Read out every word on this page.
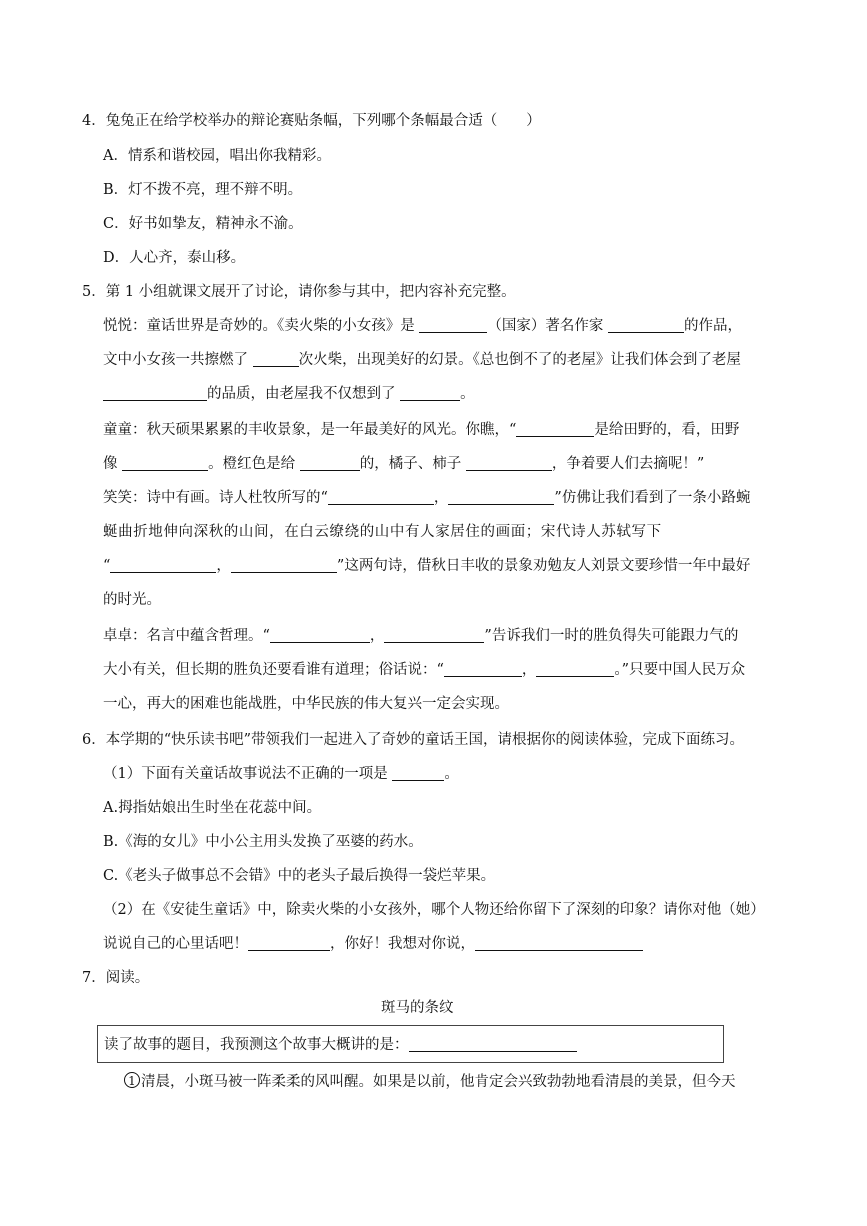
4．兔兔正在给学校举办的辩论赛贴条幅，下列哪个条幅最合适（　　）
A．情系和谐校园，唱出你我精彩。
B．灯不拨不亮，理不辩不明。
C．好书如挚友，精神永不渝。
D．人心齐，泰山移。
5．第 1 小组就课文展开了讨论，请你参与其中，把内容补充完整。
悦悦：童话世界是奇妙的。《卖火柴的小女孩》是	（国家）著名作家	的作品，
文中小女孩一共擦燃了	次火柴，出现美好的幻景。《总也倒不了的老屋》让我们体会到了老屋
的品质，由老屋我不仅想到了	。
童童：秋天硕果累累的丰收景象，是一年最美好的风光。你瞧，“	是给田野的，看，田野
像	。橙红色是给	的，橘子、柿子	，争着要人们去摘呢！”
笑笑：诗中有画。诗人杜牧所写的“	，	”仿佛让我们看到了一条小路蜿
蜒曲折地伸向深秋的山间，在白云缭绕的山中有人家居住的画面；宋代诗人苏轼写下
“	，	”这两句诗，借秋日丰收的景象劝勉友人刘景文要珍惜一年中最好
的时光。
卓卓：名言中蕴含哲理。“	，	”告诉我们一时的胜负得失可能跟力气的
大小有关，但长期的胜负还要看谁有道理；俗话说：“	，	。”只要中国人民万众
一心，再大的困难也能战胜，中华民族的伟大复兴一定会实现。
6．本学期的“快乐读书吧”带领我们一起进入了奇妙的童话王国，请根据你的阅读体验，完成下面练习。
（1）下面有关童话故事说法不正确的一项是	。
A.拇指姑娘出生时坐在花蕊中间。
B.《海的女儿》中小公主用头发换了巫婆的药水。
C.《老头子做事总不会错》中的老头子最后换得一袋烂苹果。
（2）在《安徒生童话》中，除卖火柴的小女孩外，哪个人物还给你留下了深刻的印象？请你对他（她）
说说自己的心里话吧！	，你好！我想对你说，
7．阅读。
斑马的条纹
读了故事的题目，我预测这个故事大概讲的是：
1 清晨，小斑马被一阵柔柔的风叫醒。如果是以前，他肯定会兴致勃勃地看清晨的美景，但今天
